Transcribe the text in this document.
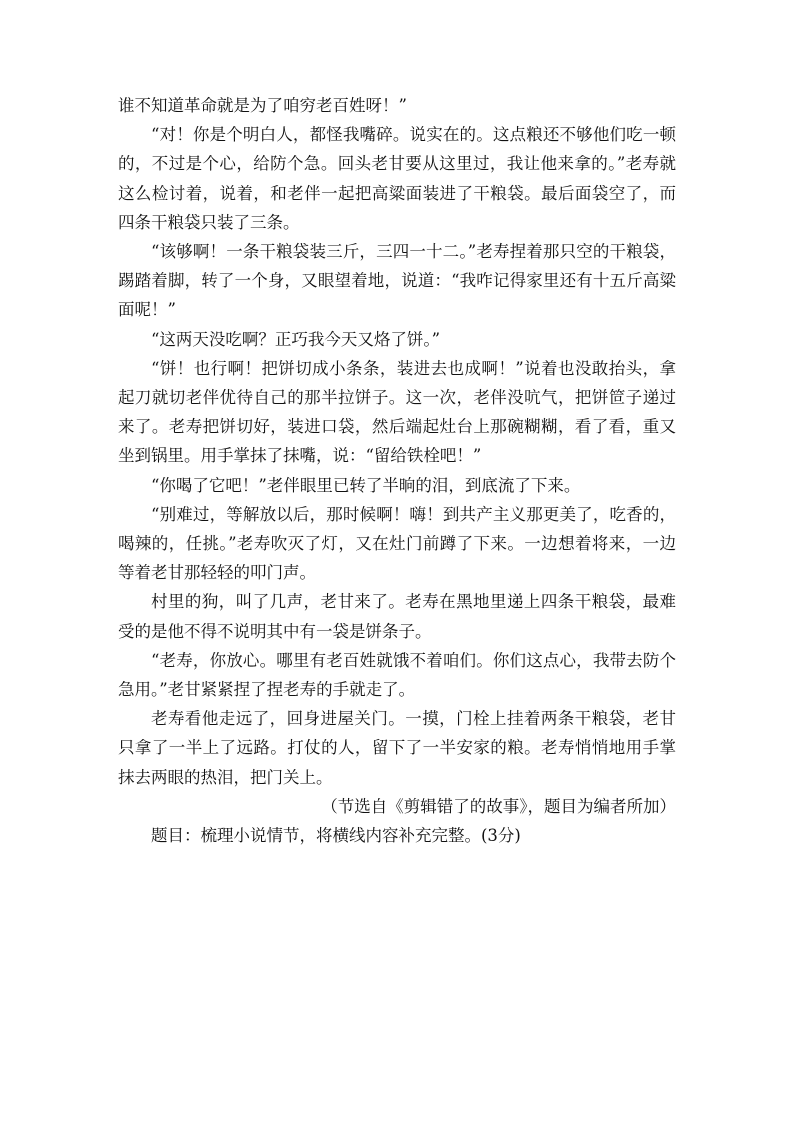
谁不知道革命就是为了咱穷老百姓呀！”

“对！你是个明白人，都怪我嘴碎。说实在的。这点粮还不够他们吃一顿的，不过是个心，给防个急。回头老甘要从这里过，我让他来拿的。”老寿就这么检讨着，说着，和老伴一起把高粱面装进了干粮袋。最后面袋空了，而四条干粮袋只装了三条。

“该够啊！一条干粮袋装三斤，三四一十二。”老寿捏着那只空的干粮袋，踢踏着脚，转了一个身，又眼望着地，说道：“我咋记得家里还有十五斤高粱面呢！”

“这两天没吃啊？正巧我今天又烙了饼。”

“饼！也行啊！把饼切成小条条，装进去也成啊！”说着也没敢抬头，拿起刀就切老伴优待自己的那半拉饼子。这一次，老伴没吭气，把饼笸子递过来了。老寿把饼切好，装进口袋，然后端起灶台上那碗糊糊，看了看，重又坐到锅里。用手掌抹了抹嘴，说：“留给铁栓吧！”

“你喝了它吧！”老伴眼里已转了半晌的泪，到底流了下来。

“别难过，等解放以后，那时候啊！嗨！到共产主义那更美了，吃香的，喝辣的，任挑。”老寿吹灭了灯，又在灶门前蹲了下来。一边想着将来，一边等着老甘那轻轻的叩门声。

村里的狗，叫了几声，老甘来了。老寿在黑地里递上四条干粮袋，最难受的是他不得不说明其中有一袋是饼条子。

“老寿，你放心。哪里有老百姓就饿不着咱们。你们这点心，我带去防个急用。”老甘紧紧捏了捏老寿的手就走了。

老寿看他走远了，回身进屋关门。一摸，门栓上挂着两条干粮袋，老甘只拿了一半上了远路。打仗的人，留下了一半安家的粮。老寿悄悄地用手掌抹去两眼的热泪，把门关上。

（节选自《剪辑错了的故事》，题目为编者所加）

题目：梳理小说情节，将横线内容补充完整。(3分)
